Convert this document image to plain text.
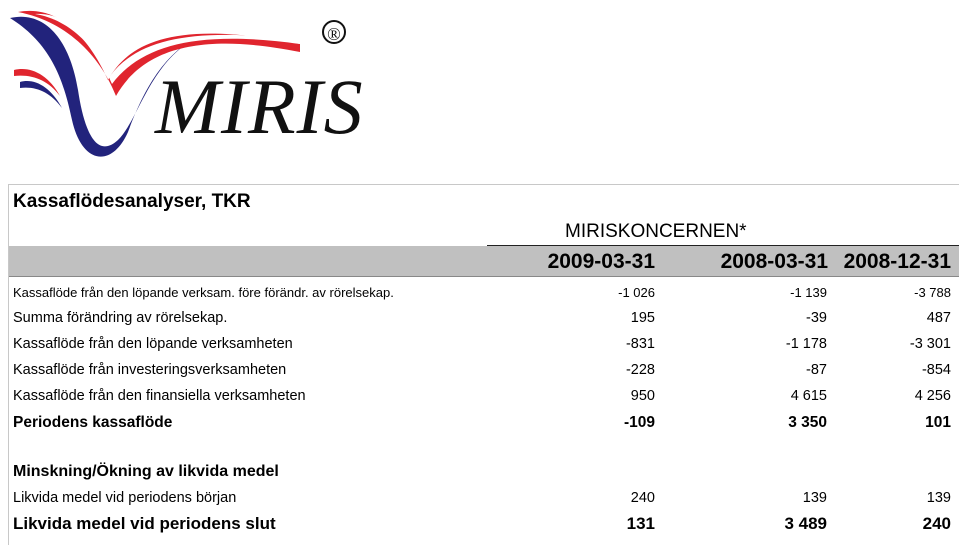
MIRIS
®
Kassaflödesanalyser, TKR
MIRISKONCERNEN*
2009-03-31	2008-03-31 2008-12-31
Kassaflöde från den löpande verksam. före förändr. av rörelsekap.	-1 026	-1 139	-3 788
Summa förändring av rörelsekap.	195	-39	487
Kassaflöde från den löpande verksamheten	-831	-1 178	-3 301
Kassaflöde från investeringsverksamheten	-228	-87	-854
Kassaflöde från den finansiella verksamheten	950	4 615	4 256
Periodens kassaflöde	-109	3 350	101
Minskning/Ökning av likvida medel
Likvida medel vid periodens början	240	139	139
Likvida medel vid periodens slut	131	3 489	240
